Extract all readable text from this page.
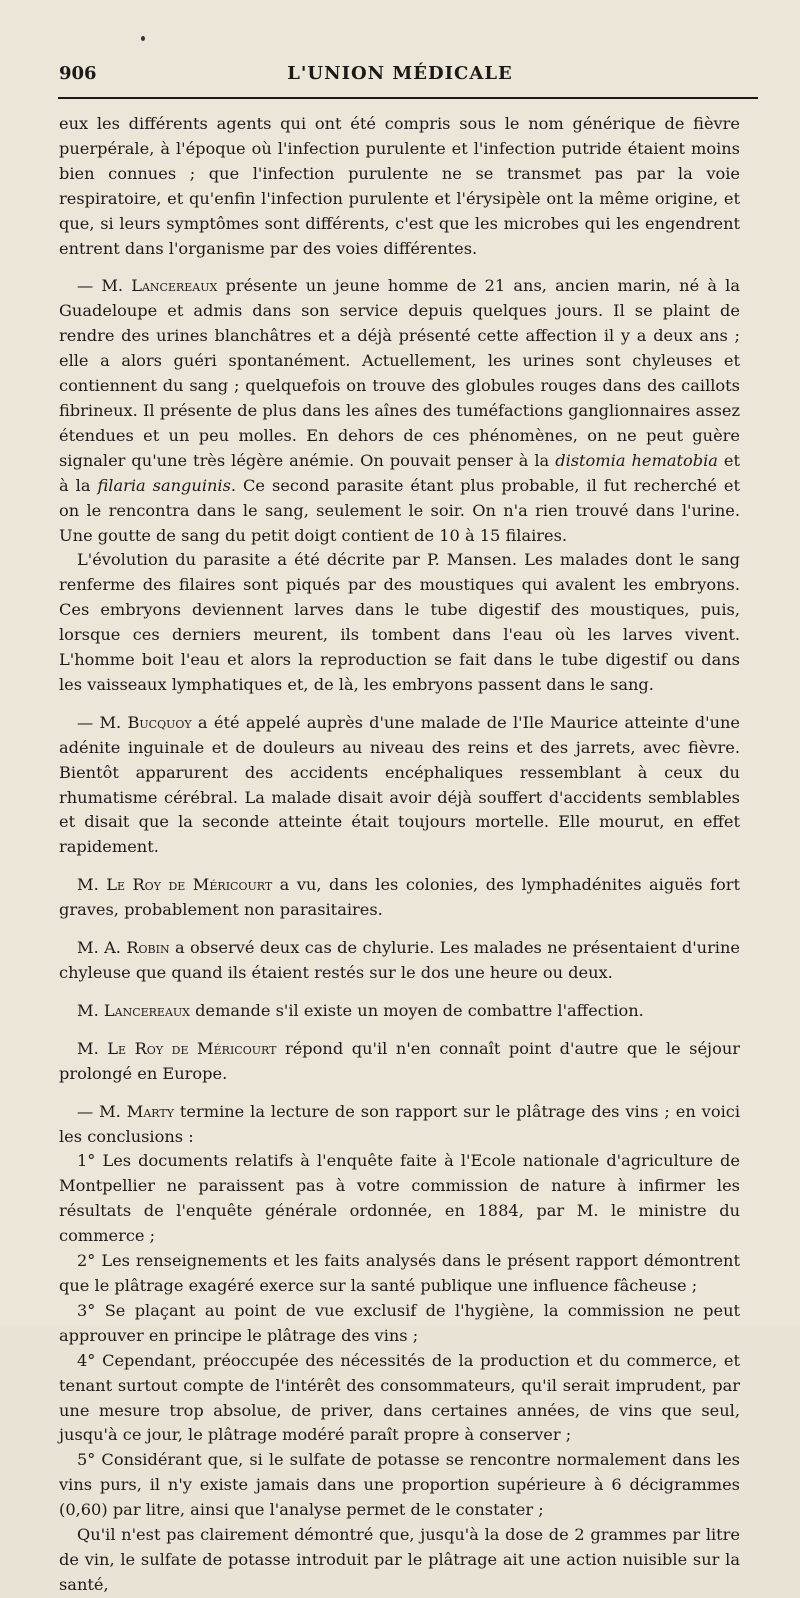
906	L'UNION MÉDICALE

eux les différents agents qui ont été compris sous le nom générique de fièvre puerpérale, à l'époque où l'infection purulente et l'infection putride étaient moins bien connues ; que l'infection purulente ne se transmet pas par la voie respiratoire, et qu'enfin l'infection purulente et l'érysipèle ont la même origine, et que, si leurs symptômes sont différents, c'est que les microbes qui les engendrent entrent dans l'organisme par des voies différentes.

— M. Lancereaux présente un jeune homme de 21 ans, ancien marin, né à la Guadeloupe et admis dans son service depuis quelques jours. Il se plaint de rendre des urines blanchâtres et a déjà présenté cette affection il y a deux ans ; elle a alors guéri spontanément. Actuellement, les urines sont chyleuses et contiennent du sang ; quelquefois on trouve des globules rouges dans des caillots fibrineux. Il présente de plus dans les aînes des tuméfactions ganglionnaires assez étendues et un peu molles. En dehors de ces phénomènes, on ne peut guère signaler qu'une très légère anémie. On pouvait penser à la distomia hematobia et à la filaria sanguinis. Ce second parasite étant plus probable, il fut recherché et on le rencontra dans le sang, seulement le soir. On n'a rien trouvé dans l'urine. Une goutte de sang du petit doigt contient de 10 à 15 filaires.

L'évolution du parasite a été décrite par P. Mansen. Les malades dont le sang renferme des filaires sont piqués par des moustiques qui avalent les embryons. Ces embryons deviennent larves dans le tube digestif des moustiques, puis, lorsque ces derniers meurent, ils tombent dans l'eau où les larves vivent. L'homme boit l'eau et alors la reproduction se fait dans le tube digestif ou dans les vaisseaux lymphatiques et, de là, les embryons passent dans le sang.

— M. Bucquoy a été appelé auprès d'une malade de l'Ile Maurice atteinte d'une adénite inguinale et de douleurs au niveau des reins et des jarrets, avec fièvre. Bientôt apparurent des accidents encéphaliques ressemblant à ceux du rhumatisme cérébral. La malade disait avoir déjà souffert d'accidents semblables et disait que la seconde atteinte était toujours mortelle. Elle mourut, en effet rapidement.

M. Le Roy de Méricourt a vu, dans les colonies, des lymphadénites aiguës fort graves, probablement non parasitaires.

M. A. Robin a observé deux cas de chylurie. Les malades ne présentaient d'urine chyleuse que quand ils étaient restés sur le dos une heure ou deux.

M. Lancereaux demande s'il existe un moyen de combattre l'affection.

M. Le Roy de Méricourt répond qu'il n'en connaît point d'autre que le séjour prolongé en Europe.

— M. Marty termine la lecture de son rapport sur le plâtrage des vins ; en voici les conclusions :

1° Les documents relatifs à l'enquête faite à l'Ecole nationale d'agriculture de Montpellier ne paraissent pas à votre commission de nature à infirmer les résultats de l'enquête générale ordonnée, en 1884, par M. le ministre du commerce ;

2° Les renseignements et les faits analysés dans le présent rapport démontrent que le plâtrage exagéré exerce sur la santé publique une influence fâcheuse ;

3° Se plaçant au point de vue exclusif de l'hygiène, la commission ne peut approuver en principe le plâtrage des vins ;

4° Cependant, préoccupée des nécessités de la production et du commerce, et tenant surtout compte de l'intérêt des consommateurs, qu'il serait imprudent, par une mesure trop absolue, de priver, dans certaines années, de vins que seul, jusqu'à ce jour, le plâtrage modéré paraît propre à conserver ;

5° Considérant que, si le sulfate de potasse se rencontre normalement dans les vins purs, il n'y existe jamais dans une proportion supérieure à 6 décigrammes (0,60) par litre, ainsi que l'analyse permet de le constater ;

Qu'il n'est pas clairement démontré que, jusqu'à la dose de 2 grammes par litre de vin, le sulfate de potasse introduit par le plâtrage ait une action nuisible sur la santé,
